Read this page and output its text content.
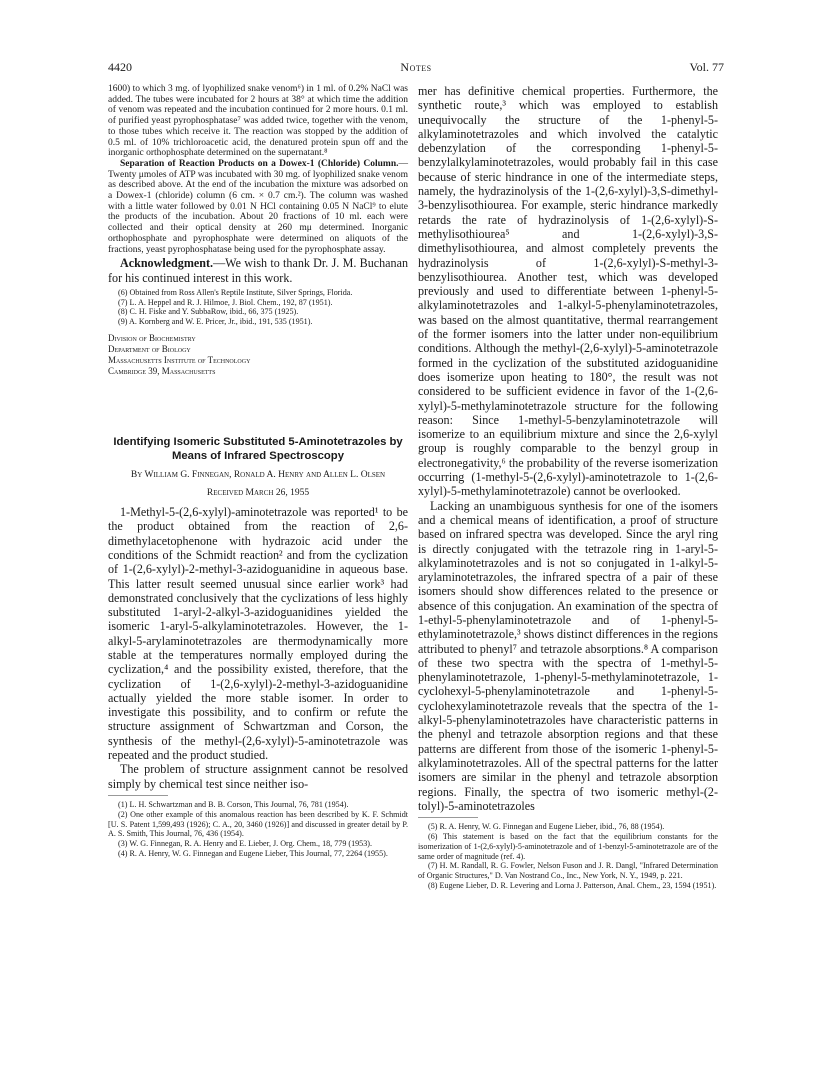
4420	Notes	Vol. 77

1600) to which 3 mg. of lyophilized snake venom⁶) in 1 ml. of 0.2% NaCl was added. The tubes were incubated for 2 hours at 38° at which time the addition of venom was repeated and the incubation continued for 2 more hours. 0.1 ml. of purified yeast pyrophosphatase⁷ was added twice, together with the venom, to those tubes which receive it. The reaction was stopped by the addition of 0.5 ml. of 10% trichloroacetic acid, the denatured protein spun off and the inorganic orthophosphate determined on the supernatant.⁸

Separation of Reaction Products on a Dowex-1 (Chloride) Column.—Twenty μmoles of ATP was incubated with 30 mg. of lyophilized snake venom as described above. At the end of the incubation the mixture was adsorbed on a Dowex-1 (chloride) column (6 cm. × 0.7 cm.²). The column was washed with a little water followed by 0.01 N HCl containing 0.05 N NaCl⁹ to elute the products of the incubation. About 20 fractions of 10 ml. each were collected and their optical density at 260 mμ determined. Inorganic orthophosphate and pyrophosphate were determined on aliquots of the fractions, yeast pyrophosphatase being used for the pyrophosphate assay.

Acknowledgment.—We wish to thank Dr. J. M. Buchanan for his continued interest in this work.

(6) Obtained from Ross Allen's Reptile Institute, Silver Springs, Florida.

(7) L. A. Heppel and R. J. Hilmoe, J. Biol. Chem., 192, 87 (1951).

(8) C. H. Fiske and Y. SubbaRow, ibid., 66, 375 (1925).

(9) A. Kornberg and W. E. Pricer, Jr., ibid., 191, 535 (1951).

Division of Biochemistry
Department of Biology
Massachusetts Institute of Technology
Cambridge 39, Massachusetts
Identifying Isomeric Substituted 5-Aminotetrazoles by Means of Infrared Spectroscopy
By William G. Finnegan, Ronald A. Henry and Allen L. Olsen
Received March 26, 1955

1-Methyl-5-(2,6-xylyl)-aminotetrazole was reported¹ to be the product obtained from the reaction of 2,6-dimethylacetophenone with hydrazoic acid under the conditions of the Schmidt reaction² and from the cyclization of 1-(2,6-xylyl)-2-methyl-3-azidoguanidine in aqueous base. This latter result seemed unusual since earlier work³ had demonstrated conclusively that the cyclizations of less highly substituted 1-aryl-2-alkyl-3-azidoguanidines yielded the isomeric 1-aryl-5-alkylaminotetrazoles. However, the 1-alkyl-5-arylaminotetrazoles are thermodynamically more stable at the temperatures normally employed during the cyclization,⁴ and the possibility existed, therefore, that the cyclization of 1-(2,6-xylyl)-2-methyl-3-azidoguanidine actually yielded the more stable isomer. In order to investigate this possibility, and to confirm or refute the structure assignment of Schwartzman and Corson, the synthesis of the methyl-(2,6-xylyl)-5-aminotetrazole was repeated and the product studied.

The problem of structure assignment cannot be resolved simply by chemical test since neither iso-

(1) L. H. Schwartzman and B. B. Corson, This Journal, 76, 781 (1954).

(2) One other example of this anomalous reaction has been described by K. F. Schmidt [U. S. Patent 1,599,493 (1926); C. A., 20, 3460 (1926)] and discussed in greater detail by P. A. S. Smith, This Journal, 76, 436 (1954).

(3) W. G. Finnegan, R. A. Henry and E. Lieber, J. Org. Chem., 18, 779 (1953).

(4) R. A. Henry, W. G. Finnegan and Eugene Lieber, This Journal, 77, 2264 (1955).

mer has definitive chemical properties. Furthermore, the synthetic route,³ which was employed to establish unequivocally the structure of the 1-phenyl-5-alkylaminotetrazoles and which involved the catalytic debenzylation of the corresponding 1-phenyl-5-benzylalkylaminotetrazoles, would probably fail in this case because of steric hindrance in one of the intermediate steps, namely, the hydrazinolysis of the 1-(2,6-xylyl)-3,S-dimethyl-3-benzylisothiourea. For example, steric hindrance markedly retards the rate of hydrazinolysis of 1-(2,6-xylyl)-S-methylisothiourea⁵ and 1-(2,6-xylyl)-3,S-dimethylisothiourea, and almost completely prevents the hydrazinolysis of 1-(2,6-xylyl)-S-methyl-3-benzylisothiourea. Another test, which was developed previously and used to differentiate between 1-phenyl-5-alkylaminotetrazoles and 1-alkyl-5-phenylaminotetrazoles, was based on the almost quantitative, thermal rearrangement of the former isomers into the latter under non-equilibrium conditions. Although the methyl-(2,6-xylyl)-5-aminotetrazole formed in the cyclization of the substituted azidoguanidine does isomerize upon heating to 180°, the result was not considered to be sufficient evidence in favor of the 1-(2,6-xylyl)-5-methylaminotetrazole structure for the following reason: Since 1-methyl-5-benzylaminotetrazole will isomerize to an equilibrium mixture and since the 2,6-xylyl group is roughly comparable to the benzyl group in electronegativity,⁶ the probability of the reverse isomerization occurring (1-methyl-5-(2,6-xylyl)-aminotetrazole to 1-(2,6-xylyl)-5-methylaminotetrazole) cannot be overlooked.

Lacking an unambiguous synthesis for one of the isomers and a chemical means of identification, a proof of structure based on infrared spectra was developed. Since the aryl ring is directly conjugated with the tetrazole ring in 1-aryl-5-alkylaminotetrazoles and is not so conjugated in 1-alkyl-5-arylaminotetrazoles, the infrared spectra of a pair of these isomers should show differences related to the presence or absence of this conjugation. An examination of the spectra of 1-ethyl-5-phenylaminotetrazole and of 1-phenyl-5-ethylaminotetrazole,³ shows distinct differences in the regions attributed to phenyl⁷ and tetrazole absorptions.⁸ A comparison of these two spectra with the spectra of 1-methyl-5-phenylaminotetrazole, 1-phenyl-5-methylaminotetrazole, 1-cyclohexyl-5-phenylaminotetrazole and 1-phenyl-5-cyclohexylaminotetrazole reveals that the spectra of the 1-alkyl-5-phenylaminotetrazoles have characteristic patterns in the phenyl and tetrazole absorption regions and that these patterns are different from those of the isomeric 1-phenyl-5-alkylaminotetrazoles. All of the spectral patterns for the latter isomers are similar in the phenyl and tetrazole absorption regions. Finally, the spectra of two isomeric methyl-(2-tolyl)-5-aminotetrazoles

(5) R. A. Henry, W. G. Finnegan and Eugene Lieber, ibid., 76, 88 (1954).

(6) This statement is based on the fact that the equilibrium constants for the isomerization of 1-(2,6-xylyl)-5-aminotetrazole and of 1-benzyl-5-aminotetrazole are of the same order of magnitude (ref. 4).

(7) H. M. Randall, R. G. Fowler, Nelson Fuson and J. R. Dangl, "Infrared Determination of Organic Structures," D. Van Nostrand Co., Inc., New York, N. Y., 1949, p. 221.

(8) Eugene Lieber, D. R. Levering and Lorna J. Patterson, Anal. Chem., 23, 1594 (1951).
